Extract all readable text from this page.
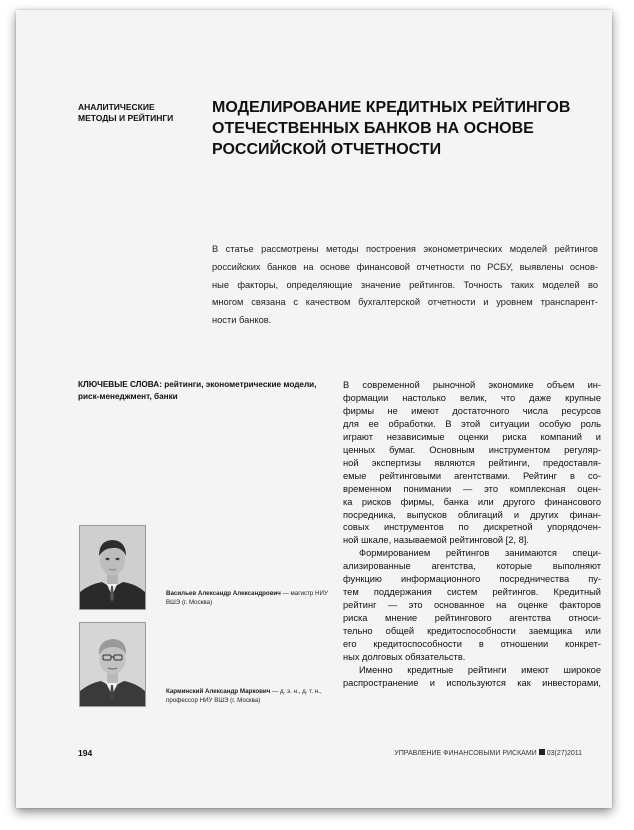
АНАЛИТИЧЕСКИЕ
МЕТОДЫ И РЕЙТИНГИ
МОДЕЛИРОВАНИЕ КРЕДИТНЫХ РЕЙТИНГОВ
ОТЕЧЕСТВЕННЫХ БАНКОВ НА ОСНОВЕ
РОССИЙСКОЙ ОТЧЕТНОСТИ
В статье рассмотрены методы построения эконометрических моделей рейтингов
российских банков на основе финансовой отчетности по РСБУ, выявлены основ-
ные факторы, определяющие значение рейтингов. Точность таких моделей во
многом связана с качеством бухгалтерской отчетности и уровнем транспарент-
ности банков.
КЛЮЧЕВЫЕ СЛОВА: рейтинги, эконометрические модели, риск-менеджмент, банки
В современной рыночной экономике объем ин-
формации настолько велик, что даже крупные
фирмы не имеют достаточного числа ресурсов
для ее обработки. В этой ситуации особую роль
играют независимые оценки риска компаний и
ценных бумаг. Основным инструментом регуляр-
ной экспертизы являются рейтинги, предоставля-
емые рейтинговыми агентствами. Рейтинг в со-
временном понимании — это комплексная оцен-
ка рисков фирмы, банка или другого финансового
посредника, выпусков облигаций и других финан-
совых инструментов по дискретной упорядочен-
ной шкале, называемой рейтинговой [2, 8].
Формированием рейтингов занимаются специ-
ализированные агентства, которые выполняют
функцию информационного посредничества пу-
тем поддержания систем рейтингов. Кредитный
рейтинг — это основанное на оценке факторов
риска мнение рейтингового агентства относи-
тельно общей кредитоспособности заемщика или
его кредитоспособности в отношении конкрет-
ных долговых обязательств.
Именно кредитные рейтинги имеют широкое
распространение и используются как инвесторами,
Васильев Александр Александрович — магистр НИУ
ВШЭ (г. Москва)
Карминский Александр Маркович — д. э. н., д. т. н.,
профессор НИУ ВШЭ (г. Москва)
194	УПРАВЛЕНИЕ ФИНАНСОВЫМИ РИСКАМИ 03(27)2011
